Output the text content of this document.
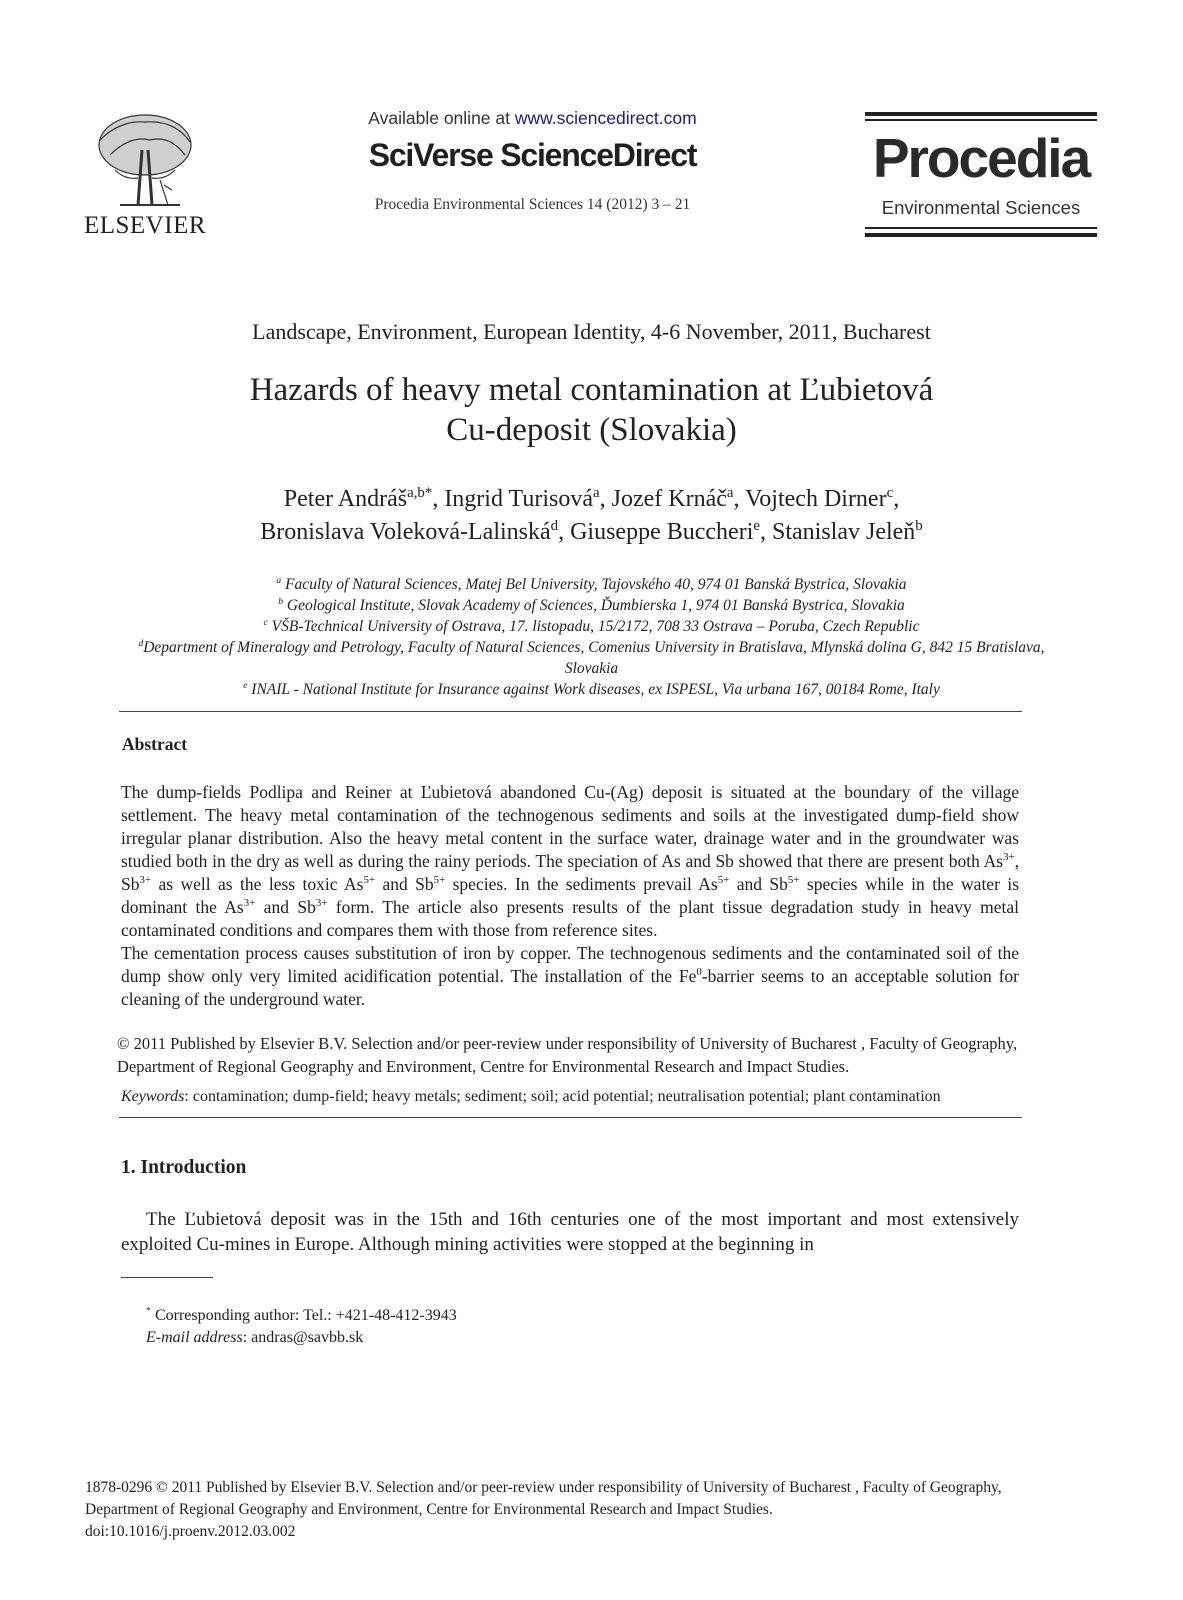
ELSEVIER
Available online at www.sciencedirect.com
SciVerse ScienceDirect
Procedia Environmental Sciences 14 (2012) 3 – 21
Procedia
Environmental Sciences
Landscape, Environment, European Identity, 4-6 November, 2011, Bucharest
Hazards of heavy metal contamination at Ľubietová
Cu-deposit (Slovakia)
Peter Andráš$^{a,b*}$, Ingrid Turisová$^a$, Jozef Krnáč$^a$, Vojtech Dirner$^c$,
Bronislava Voleková-Lalinská$^d$, Giuseppe Buccheri$^e$, Stanislav Jeleň$^b$
$^a$ Faculty of Natural Sciences, Matej Bel University, Tajovského 40, 974 01 Banská Bystrica, Slovakia
$^b$ Geological Institute, Slovak Academy of Sciences, Ďumbierska 1, 974 01 Banská Bystrica, Slovakia
$^c$ VŠB-Technical University of Ostrava, 17. listopadu, 15/2172, 708 33 Ostrava – Poruba, Czech Republic
$^d$Department of Mineralogy and Petrology, Faculty of Natural Sciences, Comenius University in Bratislava, Mlynská dolina G, 842 15 Bratislava, Slovakia
$^e$ INAIL - National Institute for Insurance against Work diseases, ex ISPESL, Via urbana 167, 00184 Rome, Italy
Abstract

The dump-fields Podlipa and Reiner at Ľubietová abandoned Cu-(Ag) deposit is situated at the boundary of the village settlement. The heavy metal contamination of the technogenous sediments and soils at the investigated dump-field show irregular planar distribution. Also the heavy metal content in the surface water, drainage water and in the groundwater was studied both in the dry as well as during the rainy periods. The speciation of As and Sb showed that there are present both $As^{3+}$, $Sb^{3+}$ as well as the less toxic $As^{5+}$ and $Sb^{5+}$ species. In the sediments prevail $As^{5+}$ and $Sb^{5+}$ species while in the water is dominant the $As^{3+}$ and $Sb^{3+}$ form. The article also presents results of the plant tissue degradation study in heavy metal contaminated conditions and compares them with those from reference sites.

The cementation process causes substitution of iron by copper. The technogenous sediments and the contaminated soil of the dump show only very limited acidification potential. The installation of the Fe$^0$-barrier seems to an acceptable solution for cleaning of the underground water.

© 2011 Published by Elsevier B.V. Selection and/or peer-review under responsibility of University of Bucharest , Faculty of Geography, Department of Regional Geography and Environment, Centre for Environmental Research and Impact Studies.
Keywords: contamination; dump-field; heavy metals; sediment; soil; acid potential; neutralisation potential; plant contamination
1. Introduction
The Ľubietová deposit was in the 15th and 16th centuries one of the most important and most extensively exploited Cu-mines in Europe. Although mining activities were stopped at the beginning in
* Corresponding author: Tel.: +421-48-412-3943
E-mail address: andras@savbb.sk
1878-0296 © 2011 Published by Elsevier B.V. Selection and/or peer-review under responsibility of University of Bucharest , Faculty of Geography,
Department of Regional Geography and Environment, Centre for Environmental Research and Impact Studies.
doi:10.1016/j.proenv.2012.03.002
